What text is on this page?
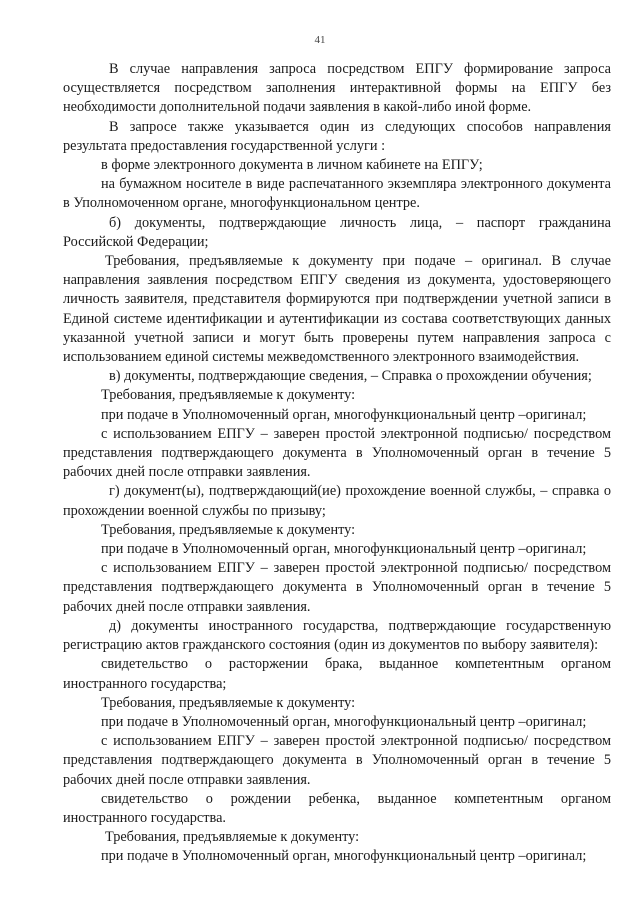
41

В случае направления запроса посредством ЕПГУ формирование запроса осуществляется посредством заполнения интерактивной формы на ЕПГУ без необходимости дополнительной подачи заявления в какой-либо иной форме.

В запросе также указывается один из следующих способов направления результата предоставления государственной услуги :

в форме электронного документа в личном кабинете на ЕПГУ;

на бумажном носителе в виде распечатанного экземпляра электронного документа в Уполномоченном органе, многофункциональном центре.

б) документы, подтверждающие личность лица, – паспорт гражданина Российской Федерации;

Требования, предъявляемые к документу при подаче – оригинал. В случае направления заявления посредством ЕПГУ сведения из документа, удостоверяющего личность заявителя, представителя формируются при подтверждении учетной записи в Единой системе идентификации и аутентификации из состава соответствующих данных указанной учетной записи и могут быть проверены путем направления запроса с использованием единой системы межведомственного электронного взаимодействия.

в) документы, подтверждающие сведения, – Справка о прохождении обучения;

Требования, предъявляемые к документу:

при подаче в Уполномоченный орган, многофункциональный центр –оригинал;

с использованием ЕПГУ – заверен простой электронной подписью/ посредством представления подтверждающего документа в Уполномоченный орган в течение 5 рабочих дней после отправки заявления.

г) документ(ы), подтверждающий(ие) прохождение военной службы, – справка о прохождении военной службы по призыву;

Требования, предъявляемые к документу:

при подаче в Уполномоченный орган, многофункциональный центр –оригинал;

с использованием ЕПГУ – заверен простой электронной подписью/ посредством представления подтверждающего документа в Уполномоченный орган в течение 5 рабочих дней после отправки заявления.

д) документы иностранного государства, подтверждающие государственную регистрацию актов гражданского состояния (один из документов по выбору заявителя):

свидетельство о расторжении брака, выданное компетентным органом иностранного государства;

Требования, предъявляемые к документу:

при подаче в Уполномоченный орган, многофункциональный центр –оригинал;

с использованием ЕПГУ – заверен простой электронной подписью/ посредством представления подтверждающего документа в Уполномоченный орган в течение 5 рабочих дней после отправки заявления.

свидетельство о рождении ребенка, выданное компетентным органом иностранного государства.

Требования, предъявляемые к документу:

при подаче в Уполномоченный орган, многофункциональный центр –оригинал;
